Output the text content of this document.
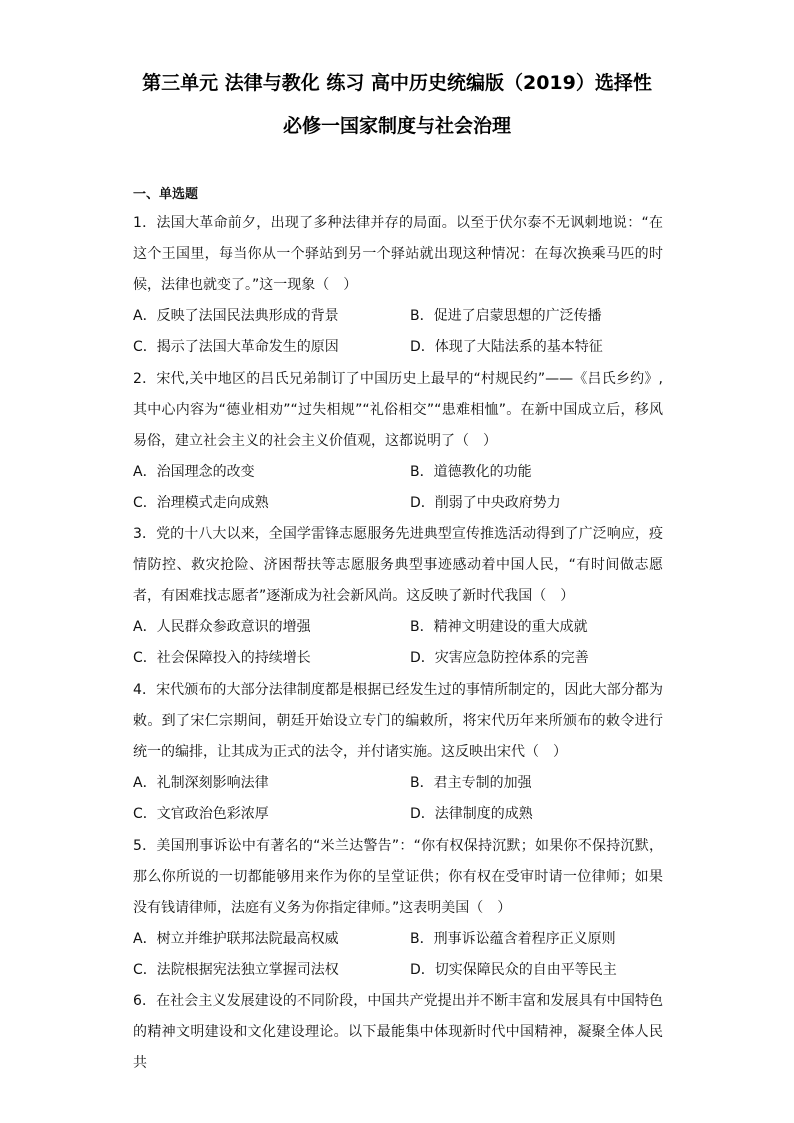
第三单元 法律与教化 练习 高中历史统编版（2019）选择性
必修一国家制度与社会治理
一、单选题
1．法国大革命前夕，出现了多种法律并存的局面。以至于伏尔泰不无讽刺地说：“在这个王国里，每当你从一个驿站到另一个驿站就出现这种情况：在每次换乘马匹的时候，法律也就变了。”这一现象（　）
A．反映了法国民法典形成的背景	B．促进了启蒙思想的广泛传播
C．揭示了法国大革命发生的原因	D．体现了大陆法系的基本特征
2．宋代,关中地区的吕氏兄弟制订了中国历史上最早的“村规民约”——《吕氏乡约》,其中心内容为“德业相劝”“过失相规”“礼俗相交”“患难相恤”。在新中国成立后，移风易俗，建立社会主义的社会主义价值观，这都说明了（　）
A．治国理念的改变	B．道德教化的功能
C．治理模式走向成熟	D．削弱了中央政府势力
3．党的十八大以来，全国学雷锋志愿服务先进典型宣传推选活动得到了广泛响应，疫情防控、救灾抢险、济困帮扶等志愿服务典型事迹感动着中国人民，“有时间做志愿者，有困难找志愿者”逐渐成为社会新风尚。这反映了新时代我国（　）
A．人民群众参政意识的增强	B．精神文明建设的重大成就
C．社会保障投入的持续增长	D．灾害应急防控体系的完善
4．宋代颁布的大部分法律制度都是根据已经发生过的事情所制定的，因此大部分都为敕。到了宋仁宗期间，朝廷开始设立专门的编敕所，将宋代历年来所颁布的敕令进行统一的编排，让其成为正式的法令，并付诸实施。这反映出宋代（　）
A．礼制深刻影响法律	B．君主专制的加强
C．文官政治色彩浓厚	D．法律制度的成熟
5．美国刑事诉讼中有著名的“米兰达警告”：“你有权保持沉默；如果你不保持沉默，那么你所说的一切都能够用来作为你的呈堂证供；你有权在受审时请一位律师；如果没有钱请律师，法庭有义务为你指定律师。”这表明美国（　）
A．树立并维护联邦法院最高权威	B．刑事诉讼蕴含着程序正义原则
C．法院根据宪法独立掌握司法权	D．切实保障民众的自由平等民主
6．在社会主义发展建设的不同阶段，中国共产党提出并不断丰富和发展具有中国特色的精神文明建设和文化建设理论。以下最能集中体现新时代中国精神，凝聚全体人民共
